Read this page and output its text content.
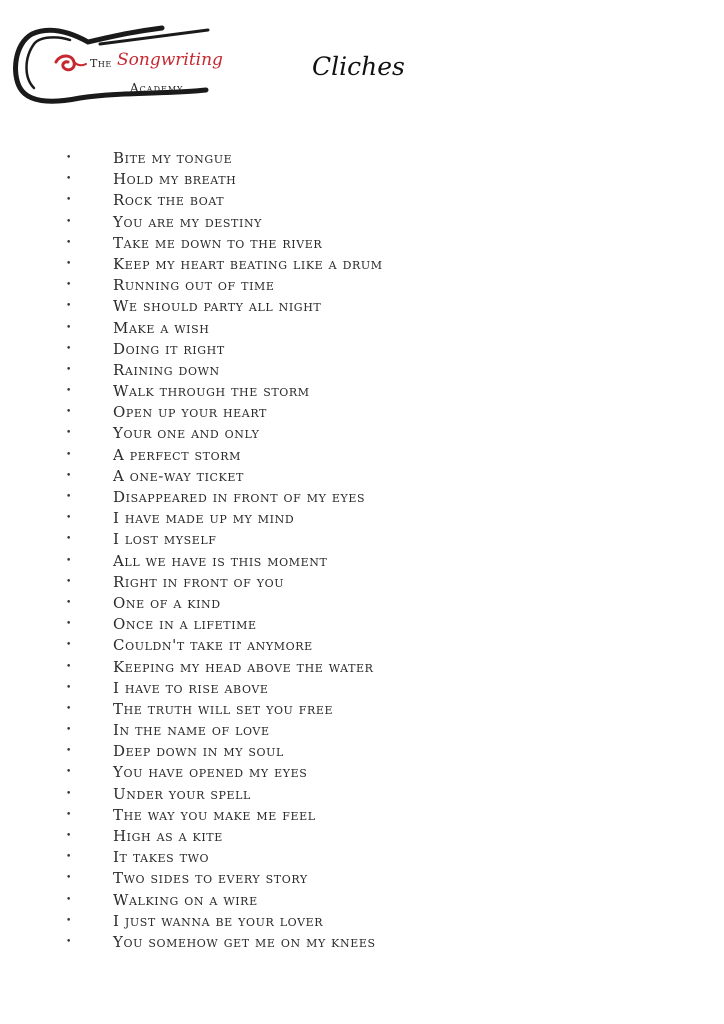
The Songwriting
Academy
Cliches
•	Bite my tongue
•	Hold my breath
•	Rock the boat
•	You are my destiny
•	Take me down to the river
•	Keep my heart beating like a drum
•	Running out of time
•	We should party all night
•	Make a wish
•	Doing it right
•	Raining down
•	Walk through the storm
•	Open up your heart
•	Your one and only
•	A perfect storm
•	A one-way ticket
•	Disappeared in front of my eyes
•	I have made up my mind
•	I lost myself
•	All we have is this moment
•	Right in front of you
•	One of a kind
•	Once in a lifetime
•	Couldn't take it anymore
•	Keeping my head above the water
•	I have to rise above
•	The truth will set you free
•	In the name of love
•	Deep down in my soul
•	You have opened my eyes
•	Under your spell
•	The way you make me feel
•	High as a kite
•	It takes two
•	Two sides to every story
•	Walking on a wire
•	I just wanna be your lover
•	You somehow get me on my knees
